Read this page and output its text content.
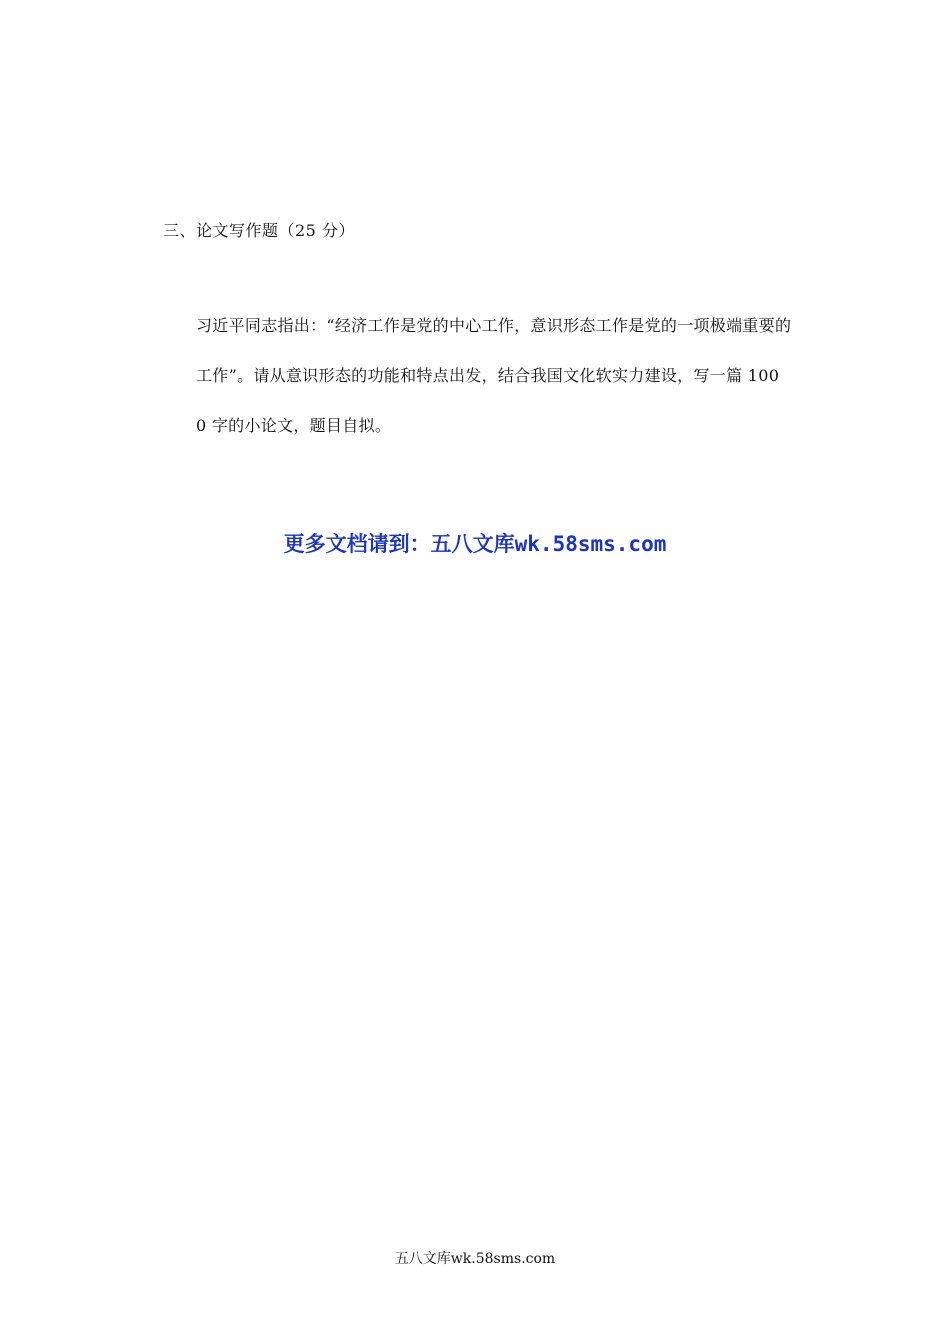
三、论文写作题（25 分）
习近平同志指出：“经济工作是党的中心工作，意识形态工作是党的一项极端重要的
工作”。请从意识形态的功能和特点出发，结合我国文化软实力建设，写一篇 100
0 字的小论文，题目自拟。
更多文档请到：五八文库wk.58sms.com
五八文库wk.58sms.com
